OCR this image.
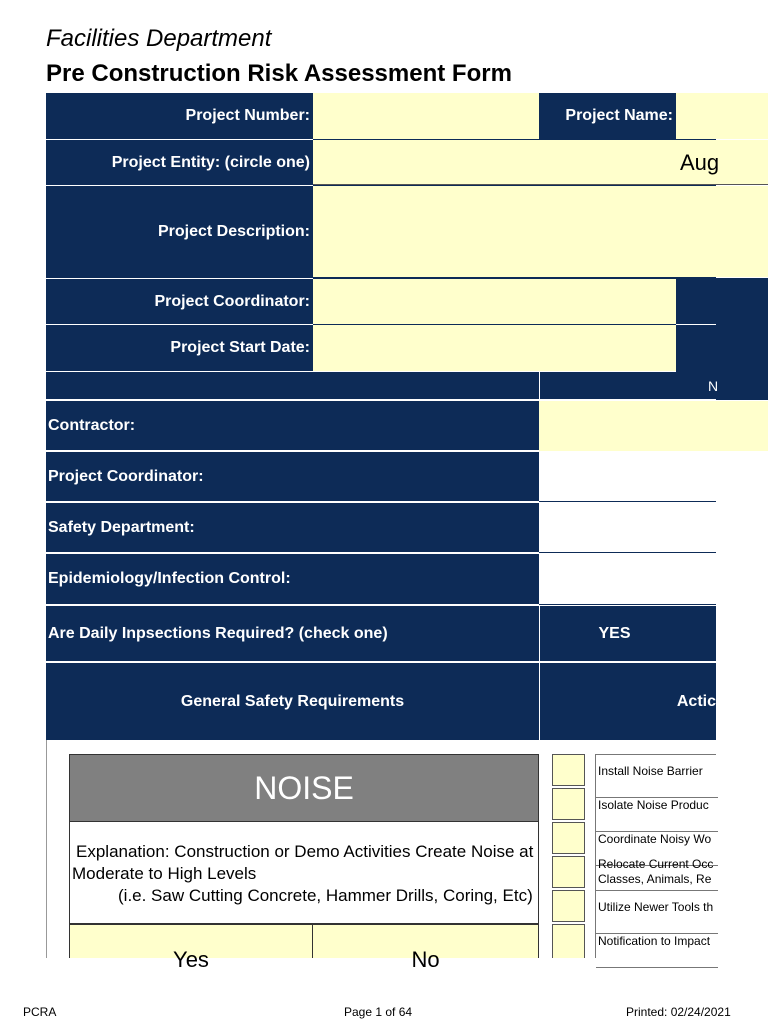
Facilities Department
Pre Construction Risk Assessment Form
Project Number:	Project Name:
Project Entity: (circle one)	Aug
Project Description:
Project Coordinator:
Project Start Date:
N
Contractor:
Project Coordinator:
Safety Department:
Epidemiology/Infection Control:
Are Daily Inpsections Required? (check one)	YES
General Safety Requirements	Actic
NOISE
Explanation: Construction or Demo Activities Create Noise at
Moderate to High Levels
(i.e. Saw Cutting Concrete, Hammer Drills, Coring, Etc)
Yes	No
Install Noise Barrier
Isolate Noise Produc
Coordinate Noisy Wo
Relocate Current Occ
Classes, Animals, Re
Utilize Newer Tools th
Notification to Impact
PCRA	Page 1 of 64	Printed: 02/24/2021
